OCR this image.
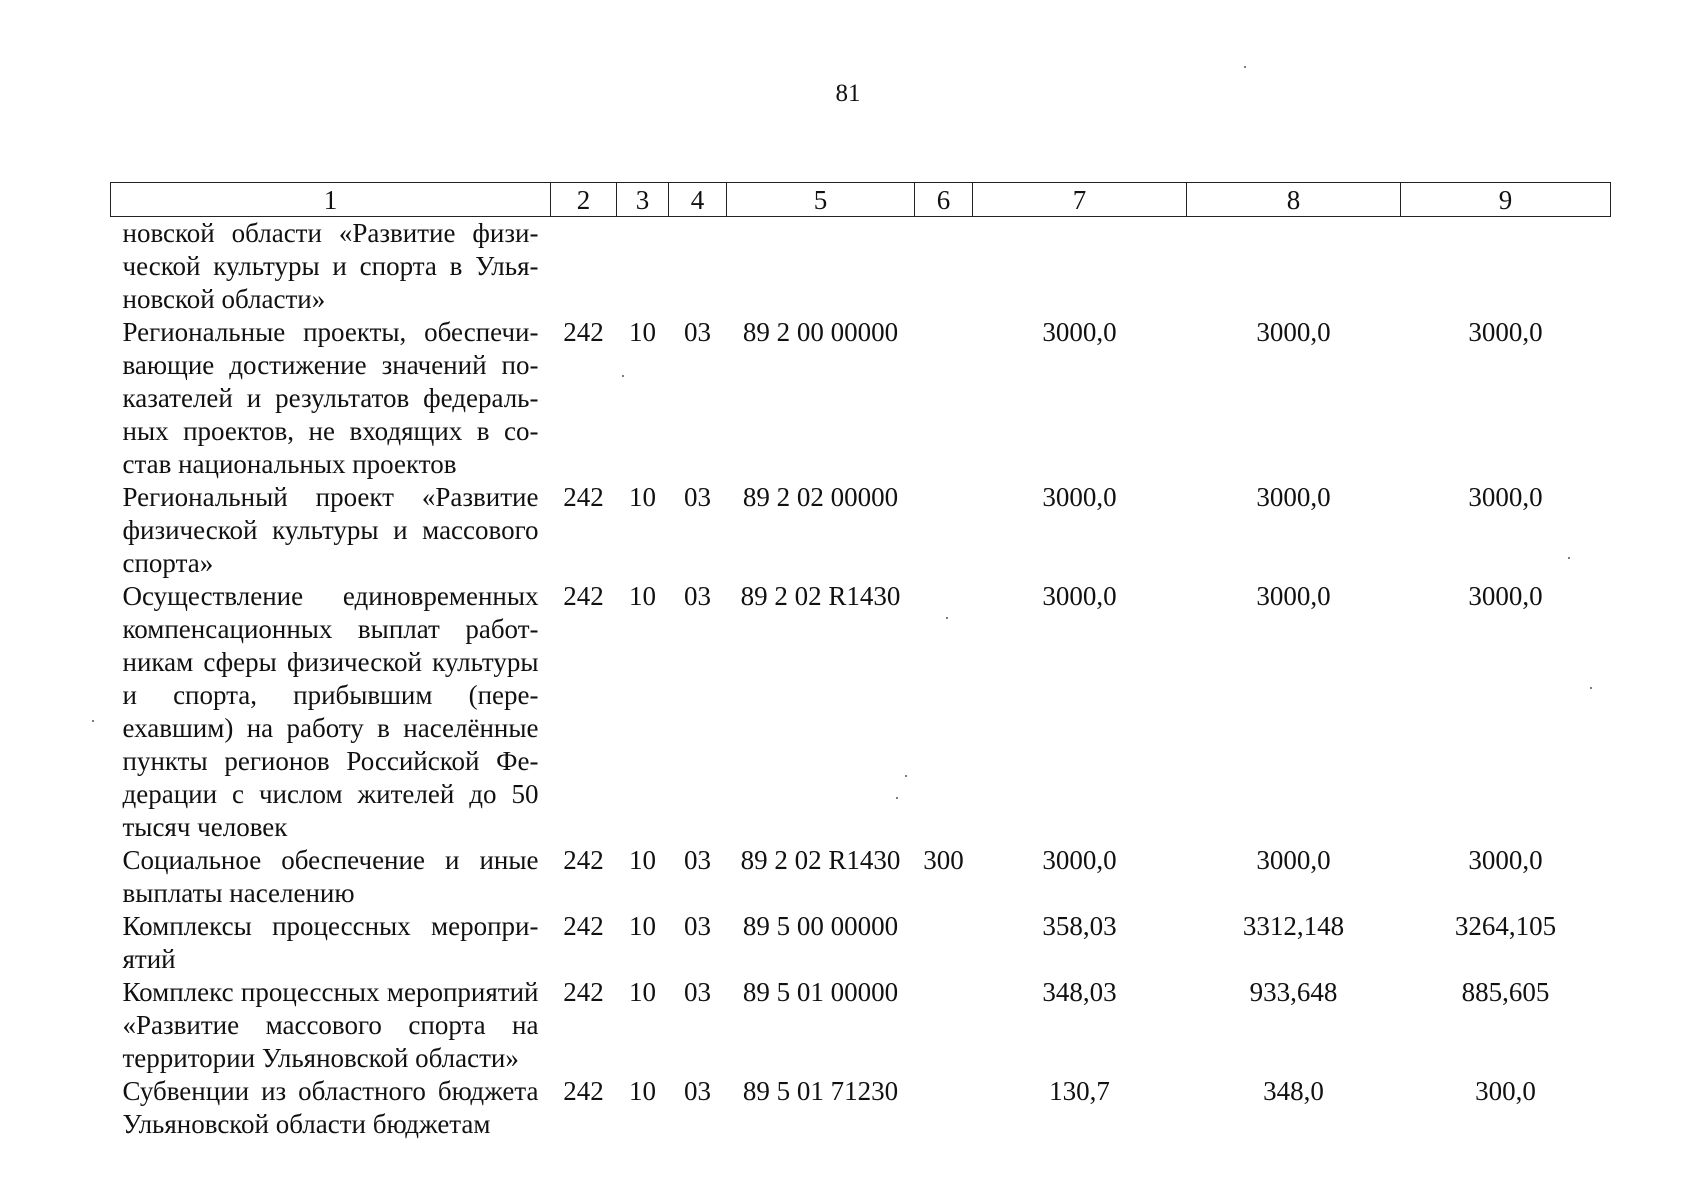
81
1	2	3	4	5	6	7	8	9
новской области «Развитие физической культуры и спорта в Ульяновской области»								
Региональные проекты, обеспечивающие достижение значений показателей и результатов федеральных проектов, не входящих в состав национальных проектов	242	10	03	89 2 00 00000		3000,0	3000,0	3000,0
Региональный проект «Развитие физической культуры и массового спорта»	242	10	03	89 2 02 00000		3000,0	3000,0	3000,0
Осуществление единовременных компенсационных выплат работникам сферы физической культуры и спорта, прибывшим (переехавшим) на работу в населённые пункты регионов Российской Федерации с числом жителей до 50 тысяч человек	242	10	03	89 2 02 R1430		3000,0	3000,0	3000,0
Социальное обеспечение и иные выплаты населению	242	10	03	89 2 02 R1430	300	3000,0	3000,0	3000,0
Комплексы процессных мероприятий	242	10	03	89 5 00 00000		358,03	3312,148	3264,105
Комплекс процессных мероприятий «Развитие массового спорта на территории Ульяновской области»	242	10	03	89 5 01 00000		348,03	933,648	885,605
Субвенции из областного бюджета Ульяновской области бюджетам	242	10	03	89 5 01 71230		130,7	348,0	300,0
